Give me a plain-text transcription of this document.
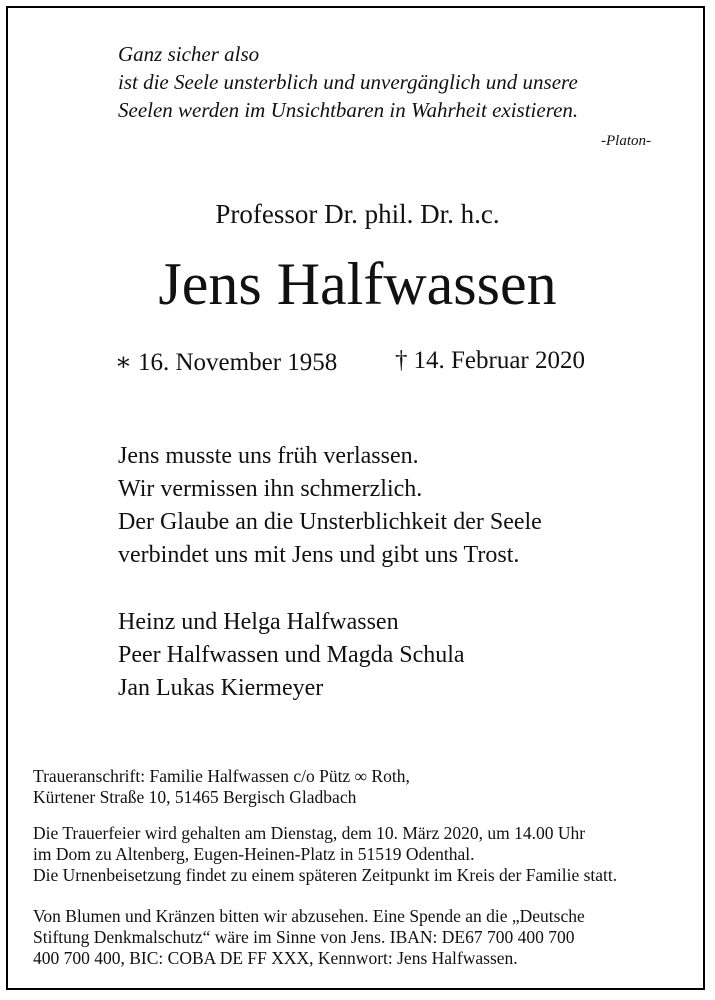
Ganz sicher also
ist die Seele unsterblich und unvergänglich und unsere
Seelen werden im Unsichtbaren in Wahrheit existieren.
-Platon-
Professor Dr. phil. Dr. h.c.
Jens Halfwassen
∗ 16. November 1958 † 14. Februar 2020
Jens musste uns früh verlassen.
Wir vermissen ihn schmerzlich.
Der Glaube an die Unsterblichkeit der Seele
verbindet uns mit Jens und gibt uns Trost.
Heinz und Helga Halfwassen
Peer Halfwassen und Magda Schula
Jan Lukas Kiermeyer
Traueranschrift: Familie Halfwassen c/o Pütz ∞ Roth,
Kürtener Straße 10, 51465 Bergisch Gladbach
Die Trauerfeier wird gehalten am Dienstag, dem 10. März 2020, um 14.00 Uhr
im Dom zu Altenberg, Eugen-Heinen-Platz in 51519 Odenthal.
Die Urnenbeisetzung findet zu einem späteren Zeitpunkt im Kreis der Familie statt.
Von Blumen und Kränzen bitten wir abzusehen. Eine Spende an die „Deutsche
Stiftung Denkmalschutz“ wäre im Sinne von Jens. IBAN: DE67 700 400 700
400 700 400, BIC: COBA DE FF XXX, Kennwort: Jens Halfwassen.
